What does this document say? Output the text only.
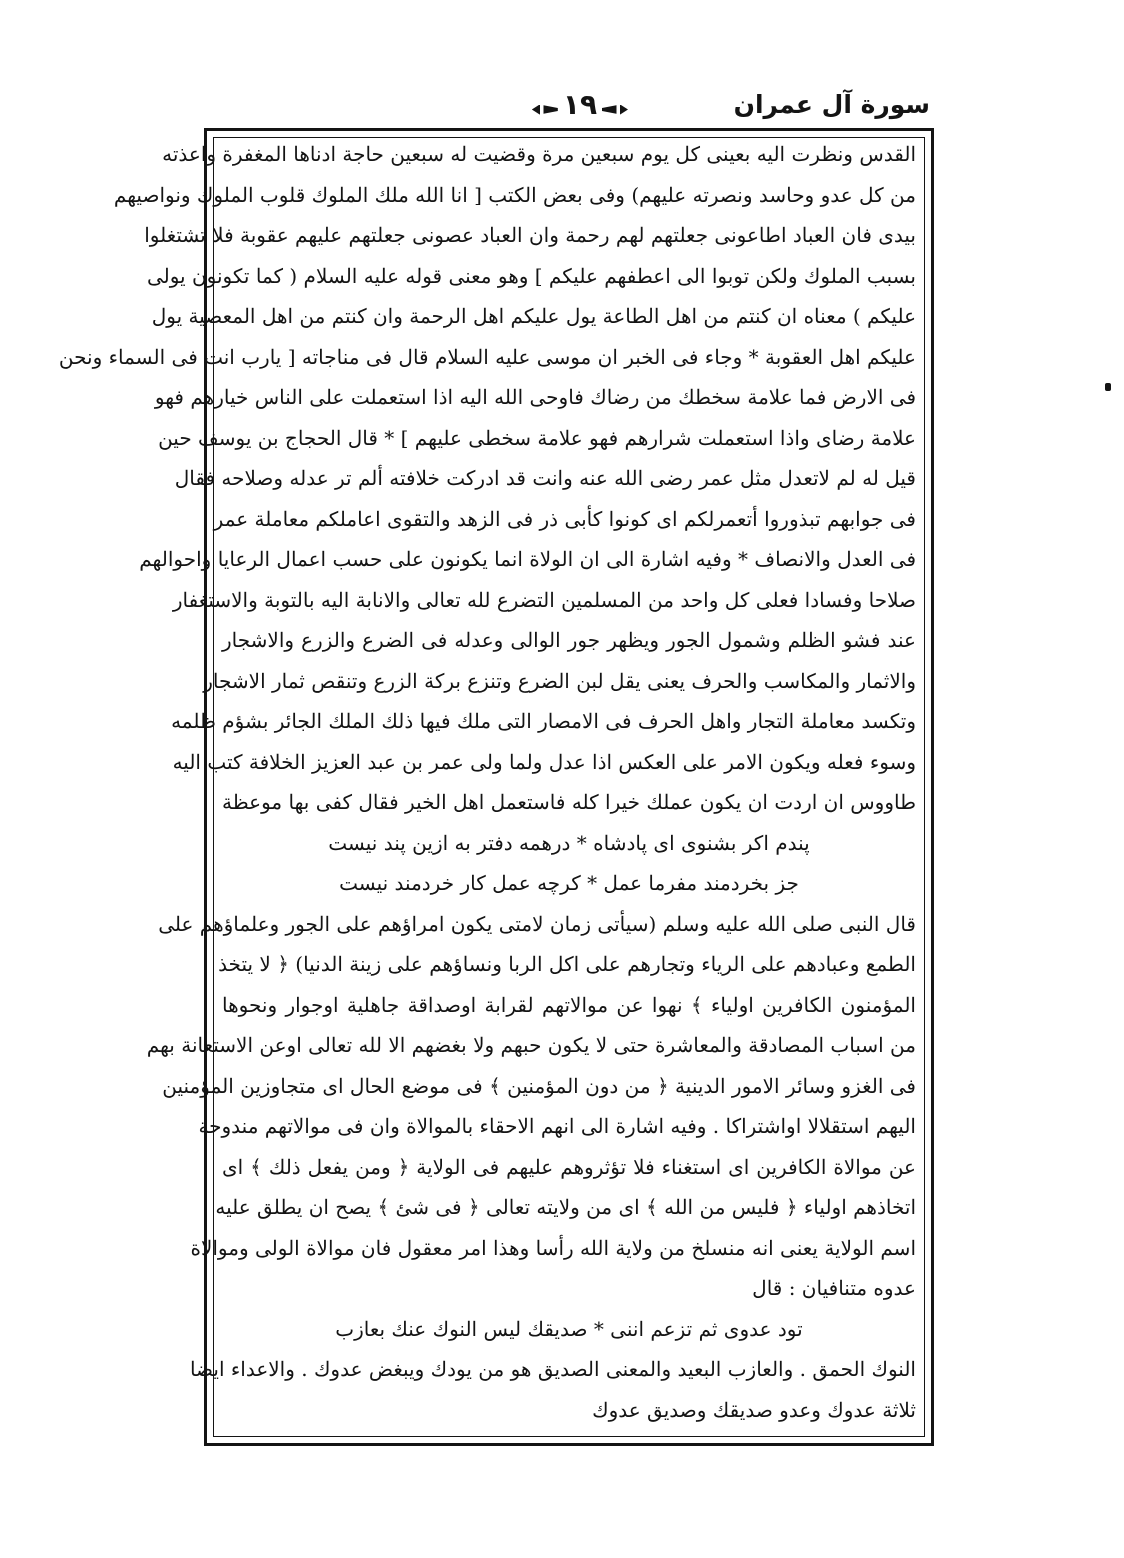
سورة آل عمران
١٩
القدس ونظرت اليه بعينى كل يوم سبعين مرة وقضيت له سبعين حاجة ادناها المغفرة واعذته
من كل عدو وحاسد ونصرته عليهم) وفى بعض الكتب [ انا الله ملك الملوك قلوب الملوك ونواصيهم
بيدى فان العباد اطاعونى جعلتهم لهم رحمة وان العباد عصونى جعلتهم عليهم عقوبة فلا تشتغلوا
بسبب الملوك ولكن توبوا الى اعطفهم عليكم ] وهو معنى قوله عليه السلام ( كما تكونون يولى
عليكم ) معناه ان كنتم من اهل الطاعة يول عليكم اهل الرحمة وان كنتم من اهل المعصية يول
عليكم اهل العقوبة * وجاء فى الخبر ان موسى عليه السلام قال فى مناجاته [ يارب انت فى السماء ونحن
فى الارض فما علامة سخطك من رضاك فاوحى الله اليه اذا استعملت على الناس خيارهم فهو
علامة رضاى واذا استعملت شرارهم فهو علامة سخطى عليهم ] * قال الحجاج بن يوسف حين
قيل له لم لاتعدل مثل عمر رضى الله عنه وانت قد ادركت خلافته ألم تر عدله وصلاحه فقال
فى جوابهم تبذوروا أتعمرلكم اى كونوا كأبى ذر فى الزهد والتقوى اعاملكم معاملة عمر
فى العدل والانصاف * وفيه اشارة الى ان الولاة انما يكونون على حسب اعمال الرعايا واحوالهم
صلاحا وفسادا فعلى كل واحد من المسلمين التضرع لله تعالى والانابة اليه بالتوبة والاستغفار
عند فشو الظلم وشمول الجور ويظهر جور الوالى وعدله فى الضرع والزرع والاشجار
والاثمار والمكاسب والحرف يعنى يقل لبن الضرع وتنزع بركة الزرع وتنقص ثمار الاشجار
وتكسد معاملة التجار واهل الحرف فى الامصار التى ملك فيها ذلك الملك الجائر بشؤم ظلمه
وسوء فعله ويكون الامر على العكس اذا عدل ولما ولى عمر بن عبد العزيز الخلافة كتب اليه
طاووس ان اردت ان يكون عملك خيرا كله فاستعمل اهل الخير فقال كفى بها موعظة
پندم اكر بشنوى اى پادشاه * درهمه دفتر به ازين پند نيست
جز بخردمند مفرما عمل * كرچه عمل كار خردمند نيست
قال النبى صلى الله عليه وسلم (سيأتى زمان لامتى يكون امراؤهم على الجور وعلماؤهم على
الطمع وعبادهم على الرياء وتجارهم على اكل الربا ونساؤهم على زينة الدنيا) ﴿ لا يتخذ
المؤمنون الكافرين اولياء ﴾ نهوا عن موالاتهم لقرابة اوصداقة جاهلية اوجوار ونحوها
من اسباب المصادقة والمعاشرة حتى لا يكون حبهم ولا بغضهم الا لله تعالى اوعن الاستعانة بهم
فى الغزو وسائر الامور الدينية ﴿ من دون المؤمنين ﴾ فى موضع الحال اى متجاوزين المؤمنين
اليهم استقلالا اواشتراكا . وفيه اشارة الى انهم الاحقاء بالموالاة وان فى موالاتهم مندوحة
عن موالاة الكافرين اى استغناء فلا تؤثروهم عليهم فى الولاية ﴿ ومن يفعل ذلك ﴾ اى
اتخاذهم اولياء ﴿ فليس من الله ﴾ اى من ولايته تعالى ﴿ فى شئ ﴾ يصح ان يطلق عليه
اسم الولاية يعنى انه منسلخ من ولاية الله رأسا وهذا امر معقول فان موالاة الولى وموالاة
عدوه متنافيان : قال
تود عدوى ثم تزعم اننى * صديقك ليس النوك عنك بعازب
النوك الحمق . والعازب البعيد والمعنى الصديق هو من يودك ويبغض عدوك . والاعداء ايضا
ثلاثة عدوك وعدو صديقك وصديق عدوك
